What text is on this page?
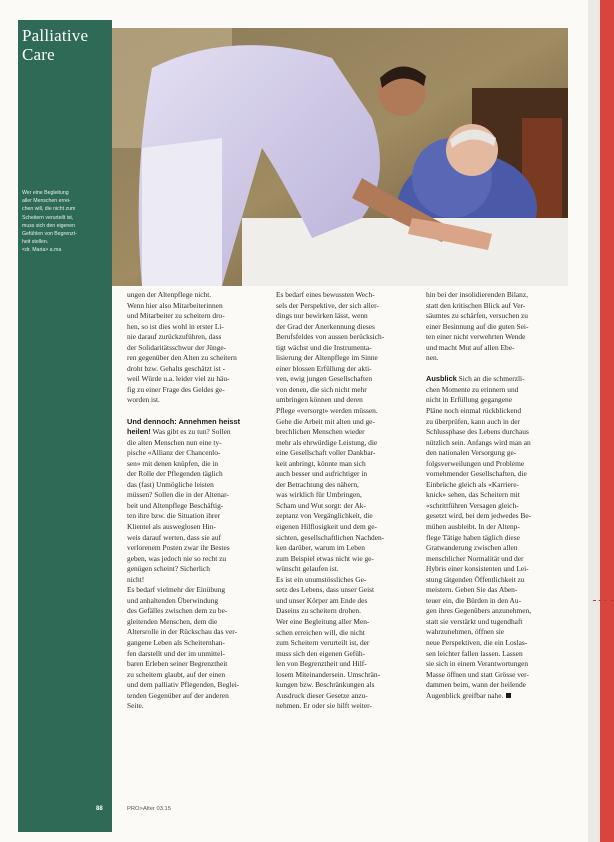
Palliative
Care
Wer eine Begleitung
aller Menschen errei-
chen will, die nicht zum
Scheitern verurteilt ist,
muss sich den eigenen
Gefühlen von Begrenzt-
heit stellen.
<dr. Maria> a.ma
88
ungen der Altenpflege nicht.
Wenn hier also Mitarbeiterinnen
und Mitarbeiter zu scheitern dro-
hen, so ist dies wohl in erster Li-
nie darauf zurückzuführen, dass
der Solidaritätsschwur der Jünge-
ren gegenüber den Alten zu scheitern
droht bzw. Gehalts geschätzt ist -
weil Würde u.a. leider viel zu häu-
fig zu einer Frage des Geldes ge-
worden ist.
Und dennoch: Annehmen heisst
heilen! Was gibt es zu tun? Sollen
die alten Menschen nun eine ty-
pische «Allianz der Chancenlo-
sen» mit denen knüpfen, die in
der Rolle der Pflegenden täglich
das (fast) Unmögliche leisten
müssen? Sollen die in der Altenar-
beit und Altenpflege Beschäftig-
ten ihre bzw. die Situation ihrer
Klientel als ausweglosen Hin-
weis darauf werten, dass sie auf
verlorenem Posten zwar ihr Bestes
geben, was jedoch nie so recht zu
genügen scheint? Sicherlich
nicht!
Es bedarf vielmehr der Einübung
und anhaltenden Überwindung
des Gefälles zwischen dem zu be-
gleitenden Menschen, dem die
Altersrolle in der Rückschau das ver-
gangene Leben als Scheiternhan-
fen darstellt und der im unmittel-
baren Erleben seiner Begrenztheit
zu scheitern glaubt, auf der einen
und dem palliativ Pflegenden, Beglei-
tenden Gegenüber auf der anderen
Seite.
Es bedarf eines bewussten Wech-
sels der Perspektive, der sich aller-
dings nur bewirken lässt, wenn
der Grad der Anerkennung dieses
Berufsfeldes von aussen berücksich-
tigt wächst und die Instrumenta-
lisierung der Altenpflege im Sinne
einer blossen Erfüllung der akti-
ven, ewig jungen Gesellschaften
von denen, die sich nicht mehr
umbringen können und deren
Pflege «versorgt» werden müssen.
Gehe die Arbeit mit alten und ge-
brechlichen Menschen wieder
mehr als ehrwürdige Leistung, die
eine Gesellschaft voller Dankbar-
keit anbringt, könnte man sich
auch besser und aufrichtiger in
der Betrachtung des nähern,
was wirklich für Umbringen,
Scham und Wut sorgt: der Ak-
zeptanz von Vergänglichkeit, die
eigenen Hilflosigkeit und dem ge-
sichten, gesellschaftlichen Nachden-
ken darüber, warum im Leben
zum Beispiel etwas nicht wie ge-
wünscht gelaufen ist.
Es ist ein unumstössliches Ge-
setz des Lebens, dass unser Geist
und unser Körper am Ende des
Daseins zu scheitern drohen.
Wer eine Begleitung aller Men-
schen erreichen will, die nicht
zum Scheitern verurteilt ist, der
muss sich den eigenen Gefüh-
len von Begrenztheit und Hilf-
losem Miteinandersein. Umschrän-
kungen bzw. Beschränkungen als
Ausdruck dieser Gesetze anzu-
nehmen. Er oder sie hilft weiter-
hin bei der insolidierenden Bilanz,
statt den kritischen Blick auf Ver-
säumtes zu schärfen, versuchen zu
einer Besinnung auf die guten Sei-
ten einer nicht verwehrten Wende
und macht Mut auf allen Ebe-
nen.
Ausblick Sich an die schmerzli-
chen Momente zu erinnern und
nicht in Erfüllung gegangene
Pläne noch einmal rückblickend
zu überprüfen, kann auch in der
Schlussphase des Lebens durchaus
nützlich sein. Anfangs wird man an
den nationalen Versorgung ge-
folgsverweilungen und Probleme
vornehmender Gesellschaften, die
Einbrüche gleich als «Karriere-
knick» sehen, das Scheitern mit
«schrittführen Versagen gleich-
gesetzt wird, bei dem jedwedes Be-
mühen ausbleibt. In der Altenp-
flege Tätige haben täglich diese
Gratwanderung zwischen allen
menschlicher Normalität und der
Hybris einer konsistenten und Lei-
stung tätgenden Öffentlichkeit zu
meistern. Geben Sie das Aben-
teuer ein, die Bürden in den Au-
gen ihres Gegenübers anzunehmen,
statt sie verstärkt und tugendhaft
wahrzunehmen, öffnen sie
neue Perspektiven, die ein Loslas-
sen leichter fallen lassen. Lassen
sie sich in einem Verantwortungen
Masse öffnen und statt Grösse ver-
dammen beim, wann der heilende
Augenblick greifbar nahe.
PRO>Alter 03.15
